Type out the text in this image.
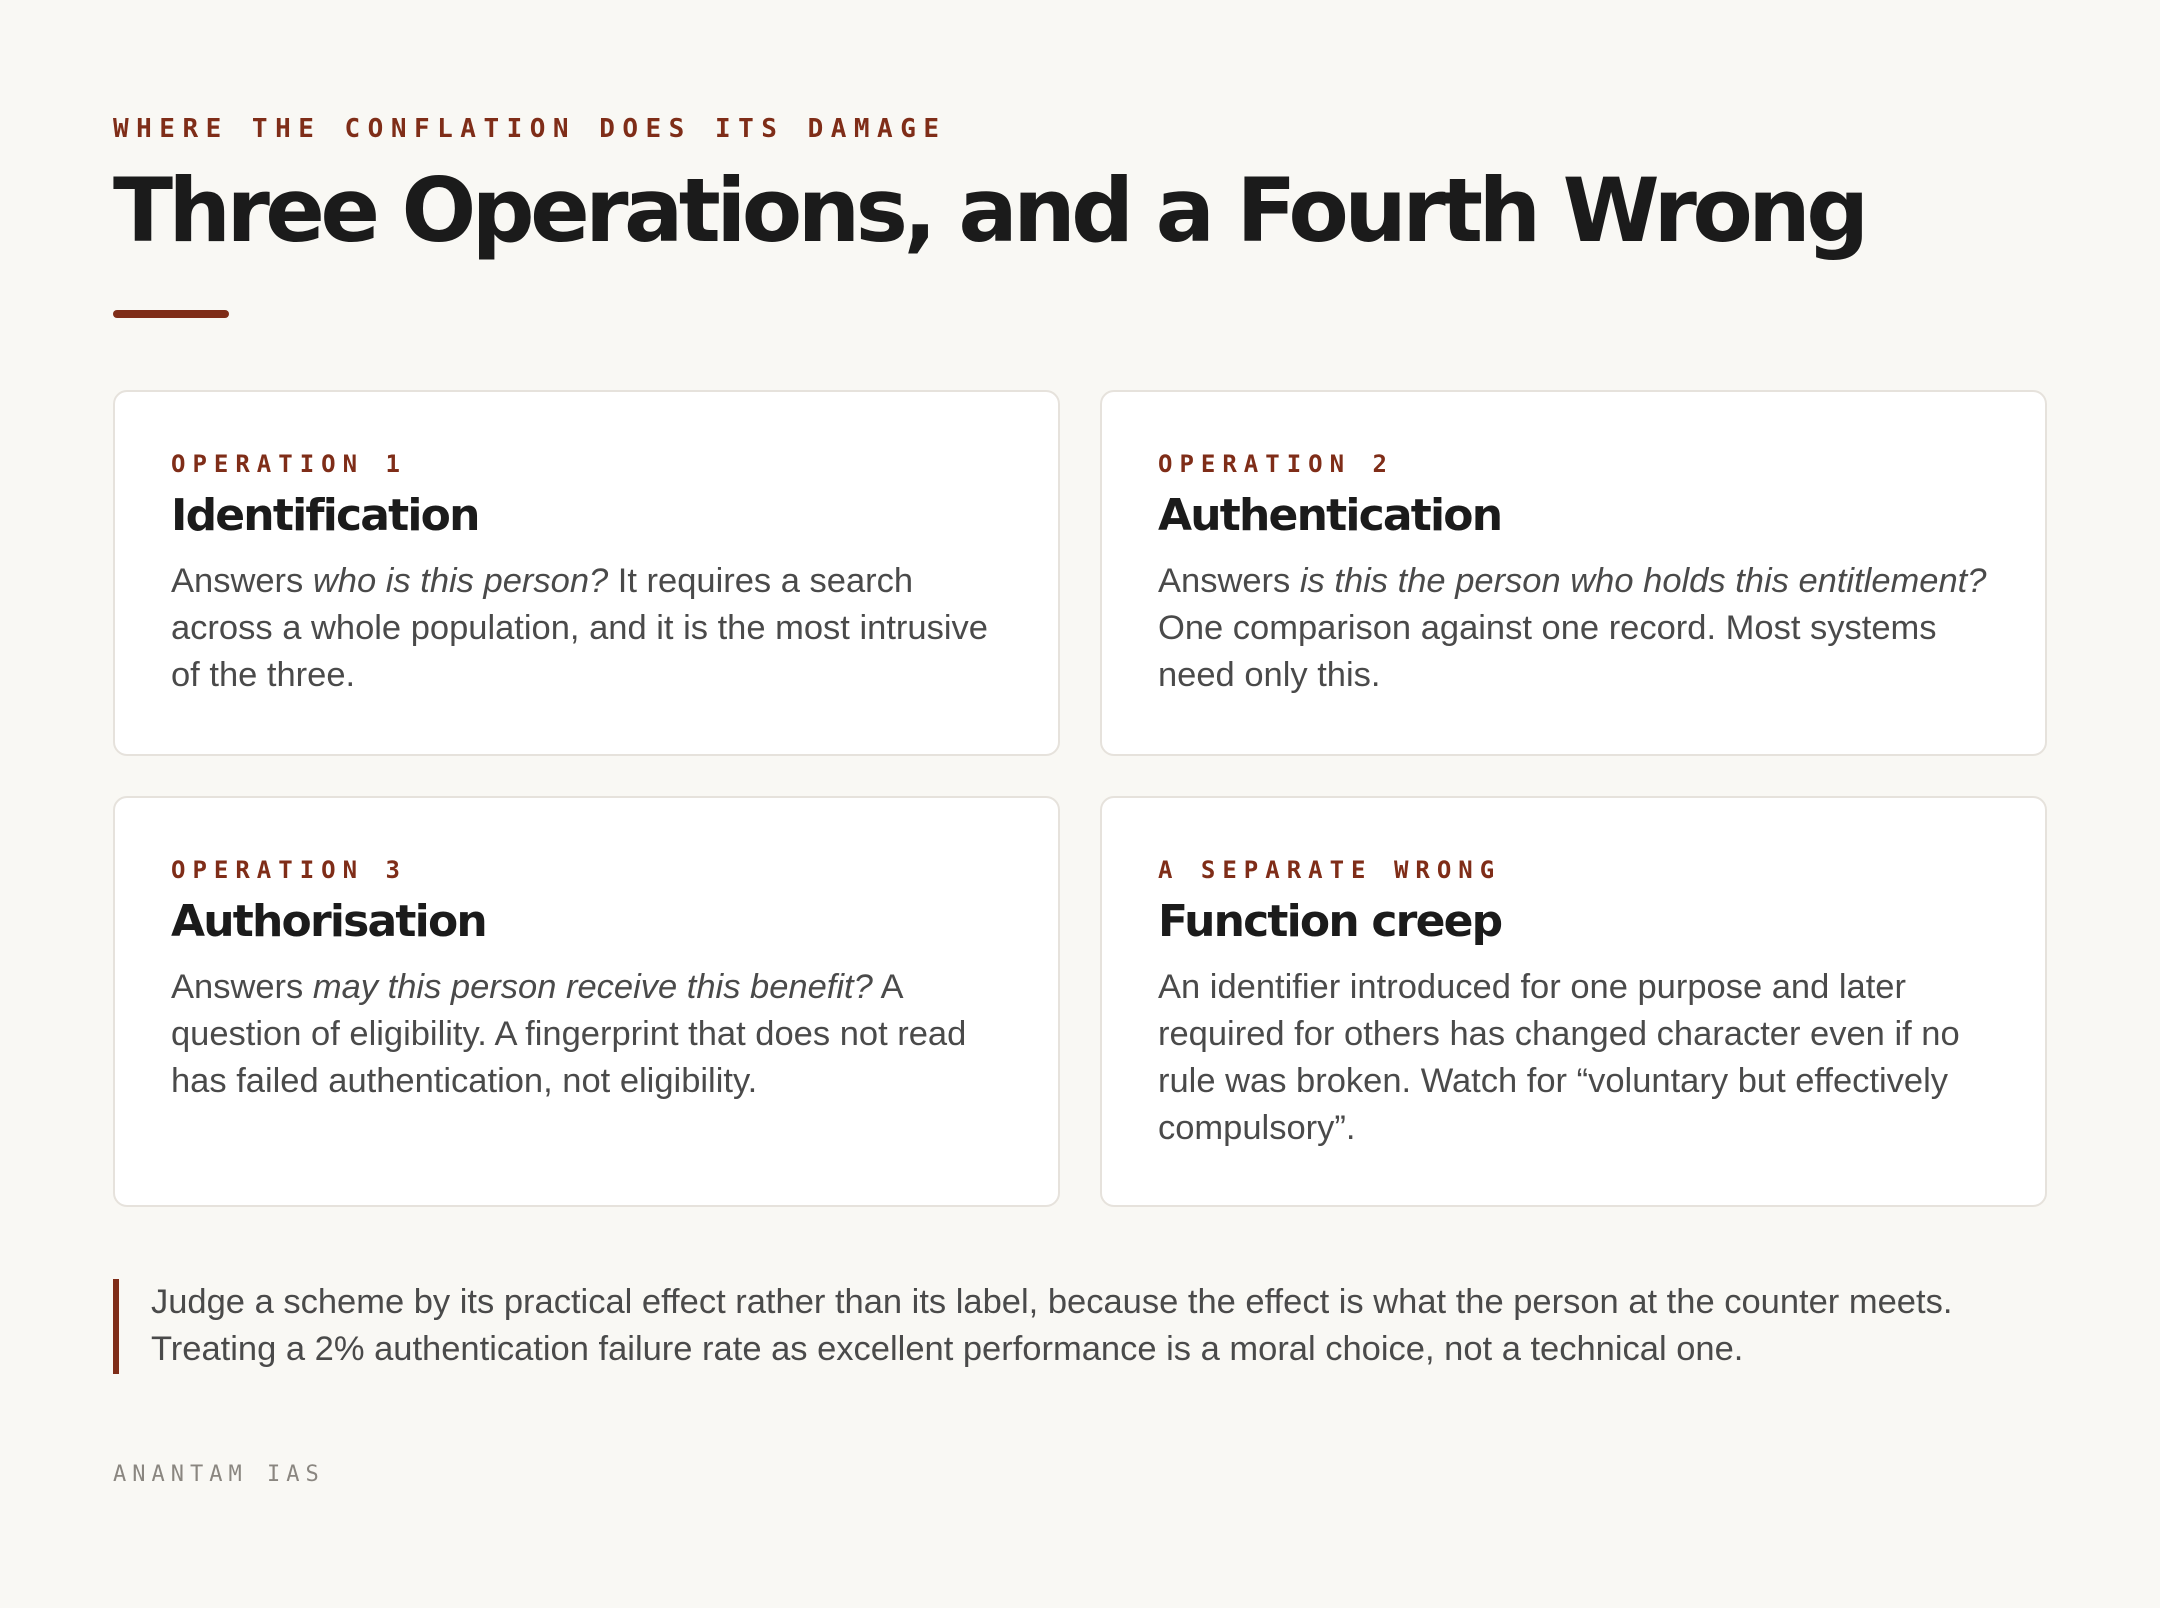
WHERE THE CONFLATION DOES ITS DAMAGE
Three Operations, and a Fourth Wrong
OPERATION 1
Identification

Answers who is this person? It requires a search across a whole population, and it is the most intrusive of the three.

OPERATION 2
Authentication

Answers is this the person who holds this entitlement? One comparison against one record. Most systems need only this.

OPERATION 3
Authorisation

Answers may this person receive this benefit? A question of eligibility. A fingerprint that does not read has failed authentication, not eligibility.

A SEPARATE WRONG
Function creep

An identifier introduced for one purpose and later required for others has changed character even if no rule was broken. Watch for “voluntary but effectively compulsory”.

Judge a scheme by its practical effect rather than its label, because the effect is what the person at the counter meets.
Treating a 2% authentication failure rate as excellent performance is a moral choice, not a technical one.
ANANTAM IAS
